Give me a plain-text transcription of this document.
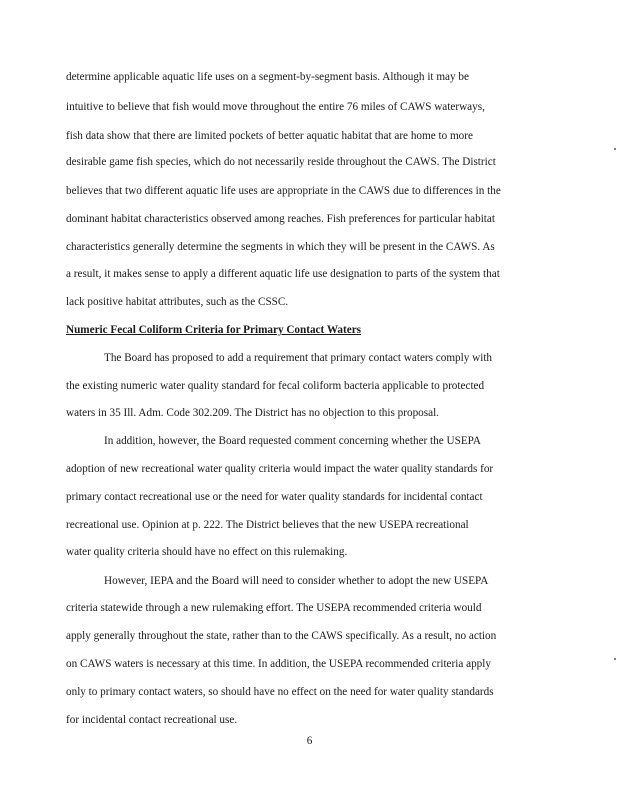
determine applicable aquatic life uses on a segment-by-segment basis. Although it may be
intuitive to believe that fish would move throughout the entire 76 miles of CAWS waterways,
fish data show that there are limited pockets of better aquatic habitat that are home to more
desirable game fish species, which do not necessarily reside throughout the CAWS. The District
believes that two different aquatic life uses are appropriate in the CAWS due to differences in the
dominant habitat characteristics observed among reaches. Fish preferences for particular habitat
characteristics generally determine the segments in which they will be present in the CAWS. As
a result, it makes sense to apply a different aquatic life use designation to parts of the system that
lack positive habitat attributes, such as the CSSC.
Numeric Fecal Coliform Criteria for Primary Contact Waters
The Board has proposed to add a requirement that primary contact waters comply with
the existing numeric water quality standard for fecal coliform bacteria applicable to protected
waters in 35 Ill. Adm. Code 302.209. The District has no objection to this proposal.
In addition, however, the Board requested comment concerning whether the USEPA
adoption of new recreational water quality criteria would impact the water quality standards for
primary contact recreational use or the need for water quality standards for incidental contact
recreational use. Opinion at p. 222. The District believes that the new USEPA recreational
water quality criteria should have no effect on this rulemaking.
However, IEPA and the Board will need to consider whether to adopt the new USEPA
criteria statewide through a new rulemaking effort. The USEPA recommended criteria would
apply generally throughout the state, rather than to the CAWS specifically. As a result, no action
on CAWS waters is necessary at this time. In addition, the USEPA recommended criteria apply
only to primary contact waters, so should have no effect on the need for water quality standards
for incidental contact recreational use.
6
